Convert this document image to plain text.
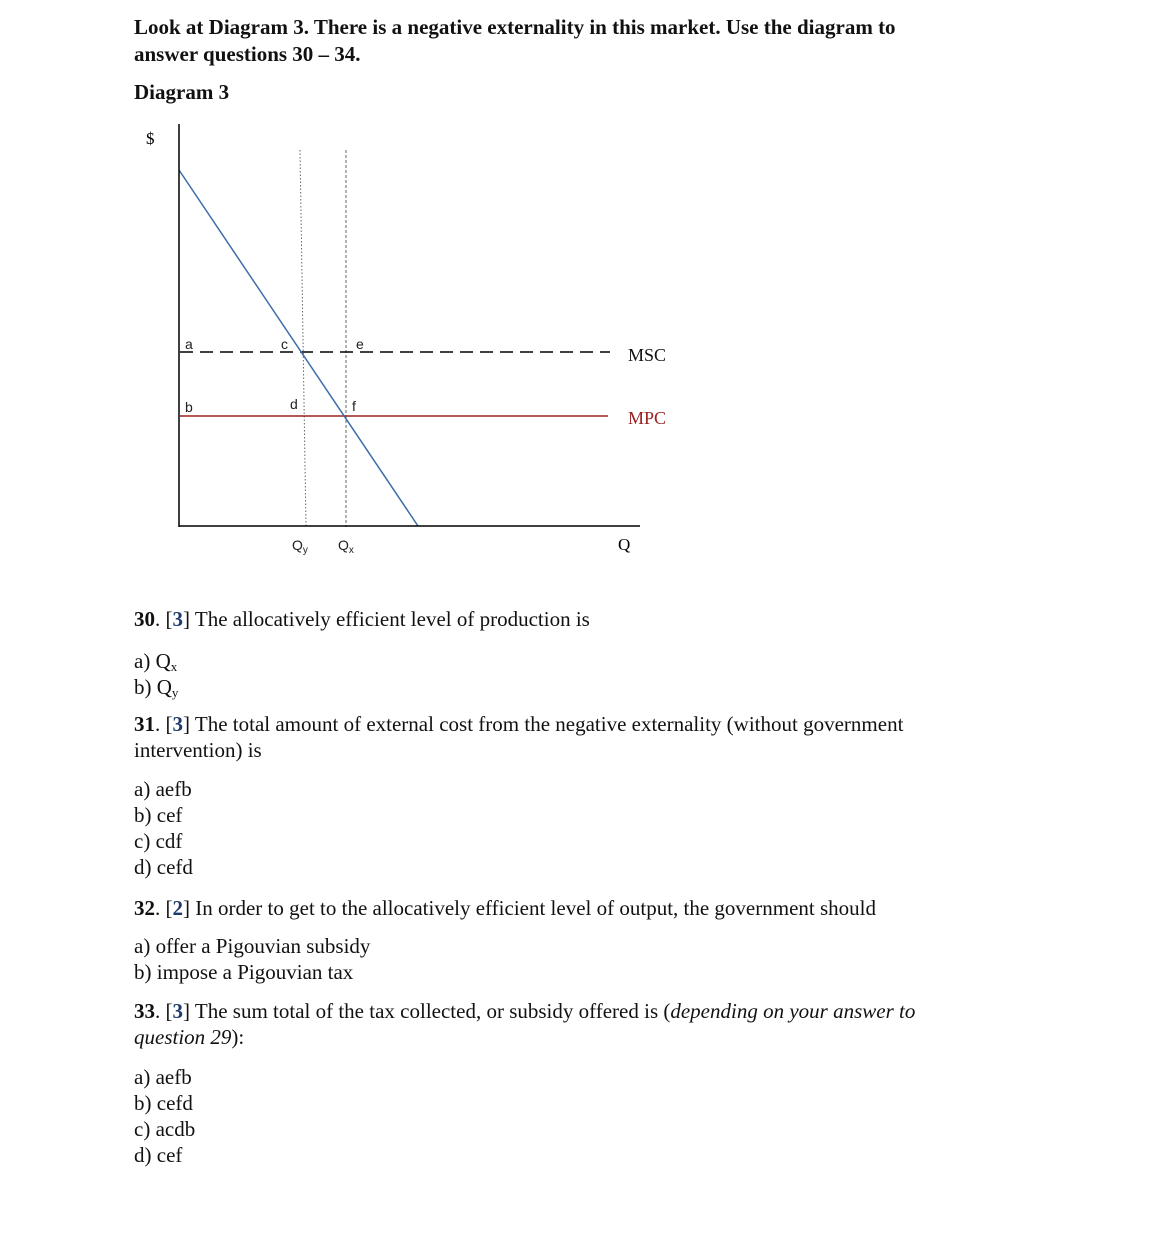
Look at Diagram 3. There is a negative externality in this market. Use the diagram to
answer questions 30 – 34.
Diagram 3
$
Q
MSC
MPC
a	c	e
b	d	f
$Q_y$ $Q_x$
30. [3] The allocatively efficient level of production is
a) $Q_x$
b) $Q_y$
31. [3] The total amount of external cost from the negative externality (without government
intervention) is
a) aefb
b) cef
c) cdf
d) cefd
32. [2] In order to get to the allocatively efficient level of output, the government should
a) offer a Pigouvian subsidy
b) impose a Pigouvian tax
33. [3] The sum total of the tax collected, or subsidy offered is (depending on your answer to
question 29):
a) aefb
b) cefd
c) acdb
d) cef
